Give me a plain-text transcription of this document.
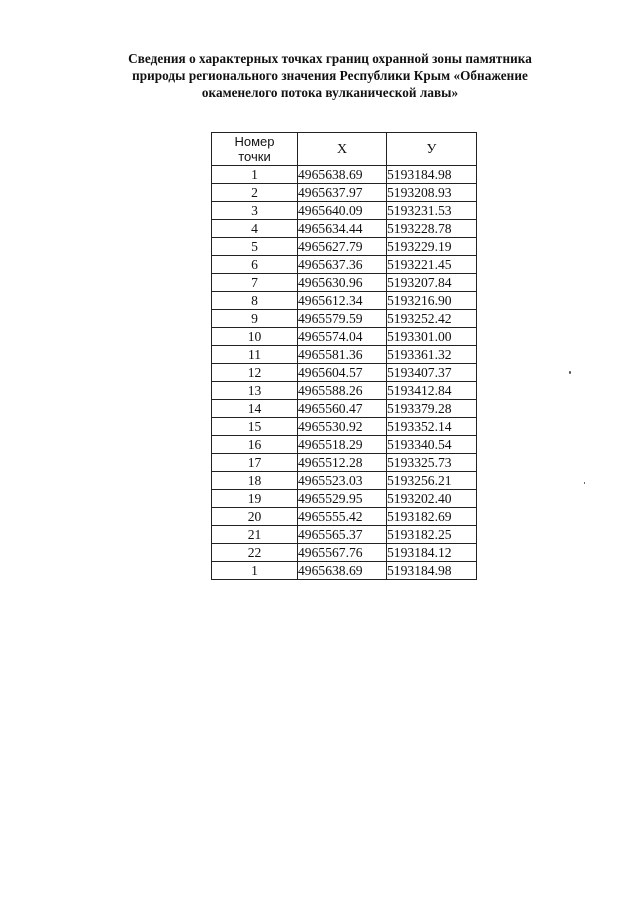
Сведения о характерных точках границ охранной зоны памятника
природы регионального значения Республики Крым «Обнажение
окаменелого потока вулканической лавы»
Номер
точки	X	У
1	4965638.69	5193184.98
2	4965637.97	5193208.93
3	4965640.09	5193231.53
4	4965634.44	5193228.78
5	4965627.79	5193229.19
6	4965637.36	5193221.45
7	4965630.96	5193207.84
8	4965612.34	5193216.90
9	4965579.59	5193252.42
10	4965574.04	5193301.00
11	4965581.36	5193361.32
12	4965604.57	5193407.37
13	4965588.26	5193412.84
14	4965560.47	5193379.28
15	4965530.92	5193352.14
16	4965518.29	5193340.54
17	4965512.28	5193325.73
18	4965523.03	5193256.21
19	4965529.95	5193202.40
20	4965555.42	5193182.69
21	4965565.37	5193182.25
22	4965567.76	5193184.12
1	4965638.69	5193184.98
